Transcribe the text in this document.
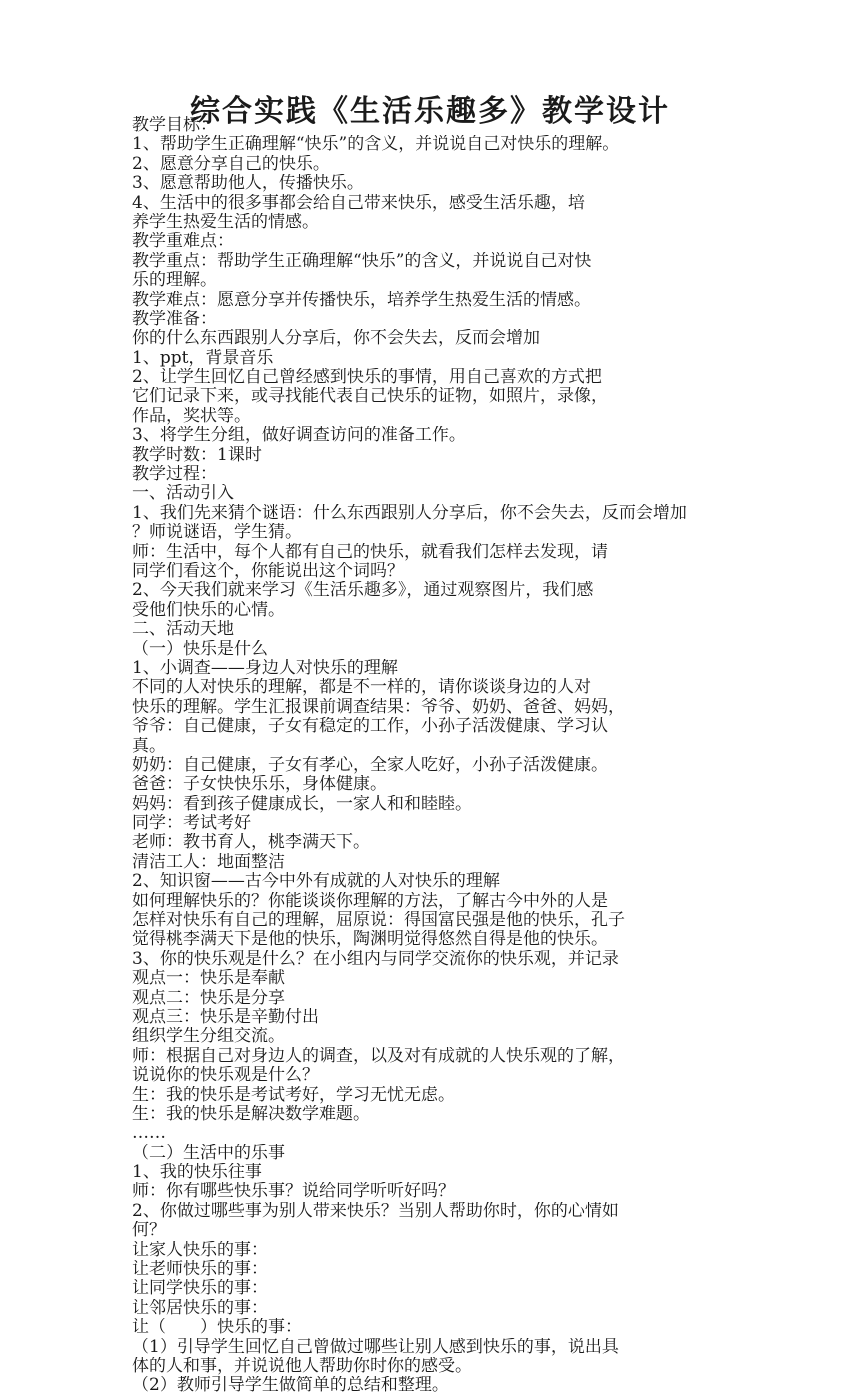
综合实践《生活乐趣多》教学设计
教学目标：
1、帮助学生正确理解“快乐”的含义，并说说自己对快乐的理解。
2、愿意分享自己的快乐。
3、愿意帮助他人，传播快乐。
4、生活中的很多事都会给自己带来快乐，感受生活乐趣，培
养学生热爱生活的情感。
教学重难点：
教学重点：帮助学生正确理解“快乐”的含义，并说说自己对快
乐的理解。
教学难点：愿意分享并传播快乐，培养学生热爱生活的情感。
教学准备：
你的什么东西跟别人分享后，你不会失去，反而会增加
1、ppt，背景音乐
2、让学生回忆自己曾经感到快乐的事情，用自己喜欢的方式把
它们记录下来，或寻找能代表自己快乐的证物，如照片，录像，
作品，奖状等。
3、将学生分组，做好调查访问的准备工作。
教学时数：1课时
教学过程：
一、活动引入
1、我们先来猜个谜语：什么东西跟别人分享后，你不会失去，反而会增加
？师说谜语，学生猜。
师：生活中，每个人都有自己的快乐，就看我们怎样去发现，请
同学们看这个，你能说出这个词吗？
2、今天我们就来学习《生活乐趣多》，通过观察图片，我们感
受他们快乐的心情。
二、活动天地
（一）快乐是什么
1、小调查——身边人对快乐的理解
不同的人对快乐的理解，都是不一样的，请你谈谈身边的人对
快乐的理解。学生汇报课前调查结果：爷爷、奶奶、爸爸、妈妈，
爷爷：自己健康，子女有稳定的工作，小孙子活泼健康、学习认
真。
奶奶：自己健康，子女有孝心，全家人吃好，小孙子活泼健康。
爸爸：子女快快乐乐，身体健康。
妈妈：看到孩子健康成长，一家人和和睦睦。
同学：考试考好
老师：教书育人，桃李满天下。
清洁工人：地面整洁
2、知识窗——古今中外有成就的人对快乐的理解
如何理解快乐的？你能谈谈你理解的方法，了解古今中外的人是
怎样对快乐有自己的理解，屈原说：得国富民强是他的快乐，孔子
觉得桃李满天下是他的快乐，陶渊明觉得悠然自得是他的快乐。
3、你的快乐观是什么？在小组内与同学交流你的快乐观，并记录
观点一：快乐是奉献
观点二：快乐是分享
观点三：快乐是辛勤付出
组织学生分组交流。
师：根据自己对身边人的调查，以及对有成就的人快乐观的了解，
说说你的快乐观是什么？
生：我的快乐是考试考好，学习无忧无虑。
生：我的快乐是解决数学难题。
……
（二）生活中的乐事
1、我的快乐往事
师：你有哪些快乐事？说给同学听听好吗？
2、你做过哪些事为别人带来快乐？当别人帮助你时，你的心情如
何？
让家人快乐的事：
让老师快乐的事：
让同学快乐的事：
让邻居快乐的事：
让（　　）快乐的事：
（1）引导学生回忆自己曾做过哪些让别人感到快乐的事，说出具
体的人和事，并说说他人帮助你时你的感受。
（2）教师引导学生做简单的总结和整理。
